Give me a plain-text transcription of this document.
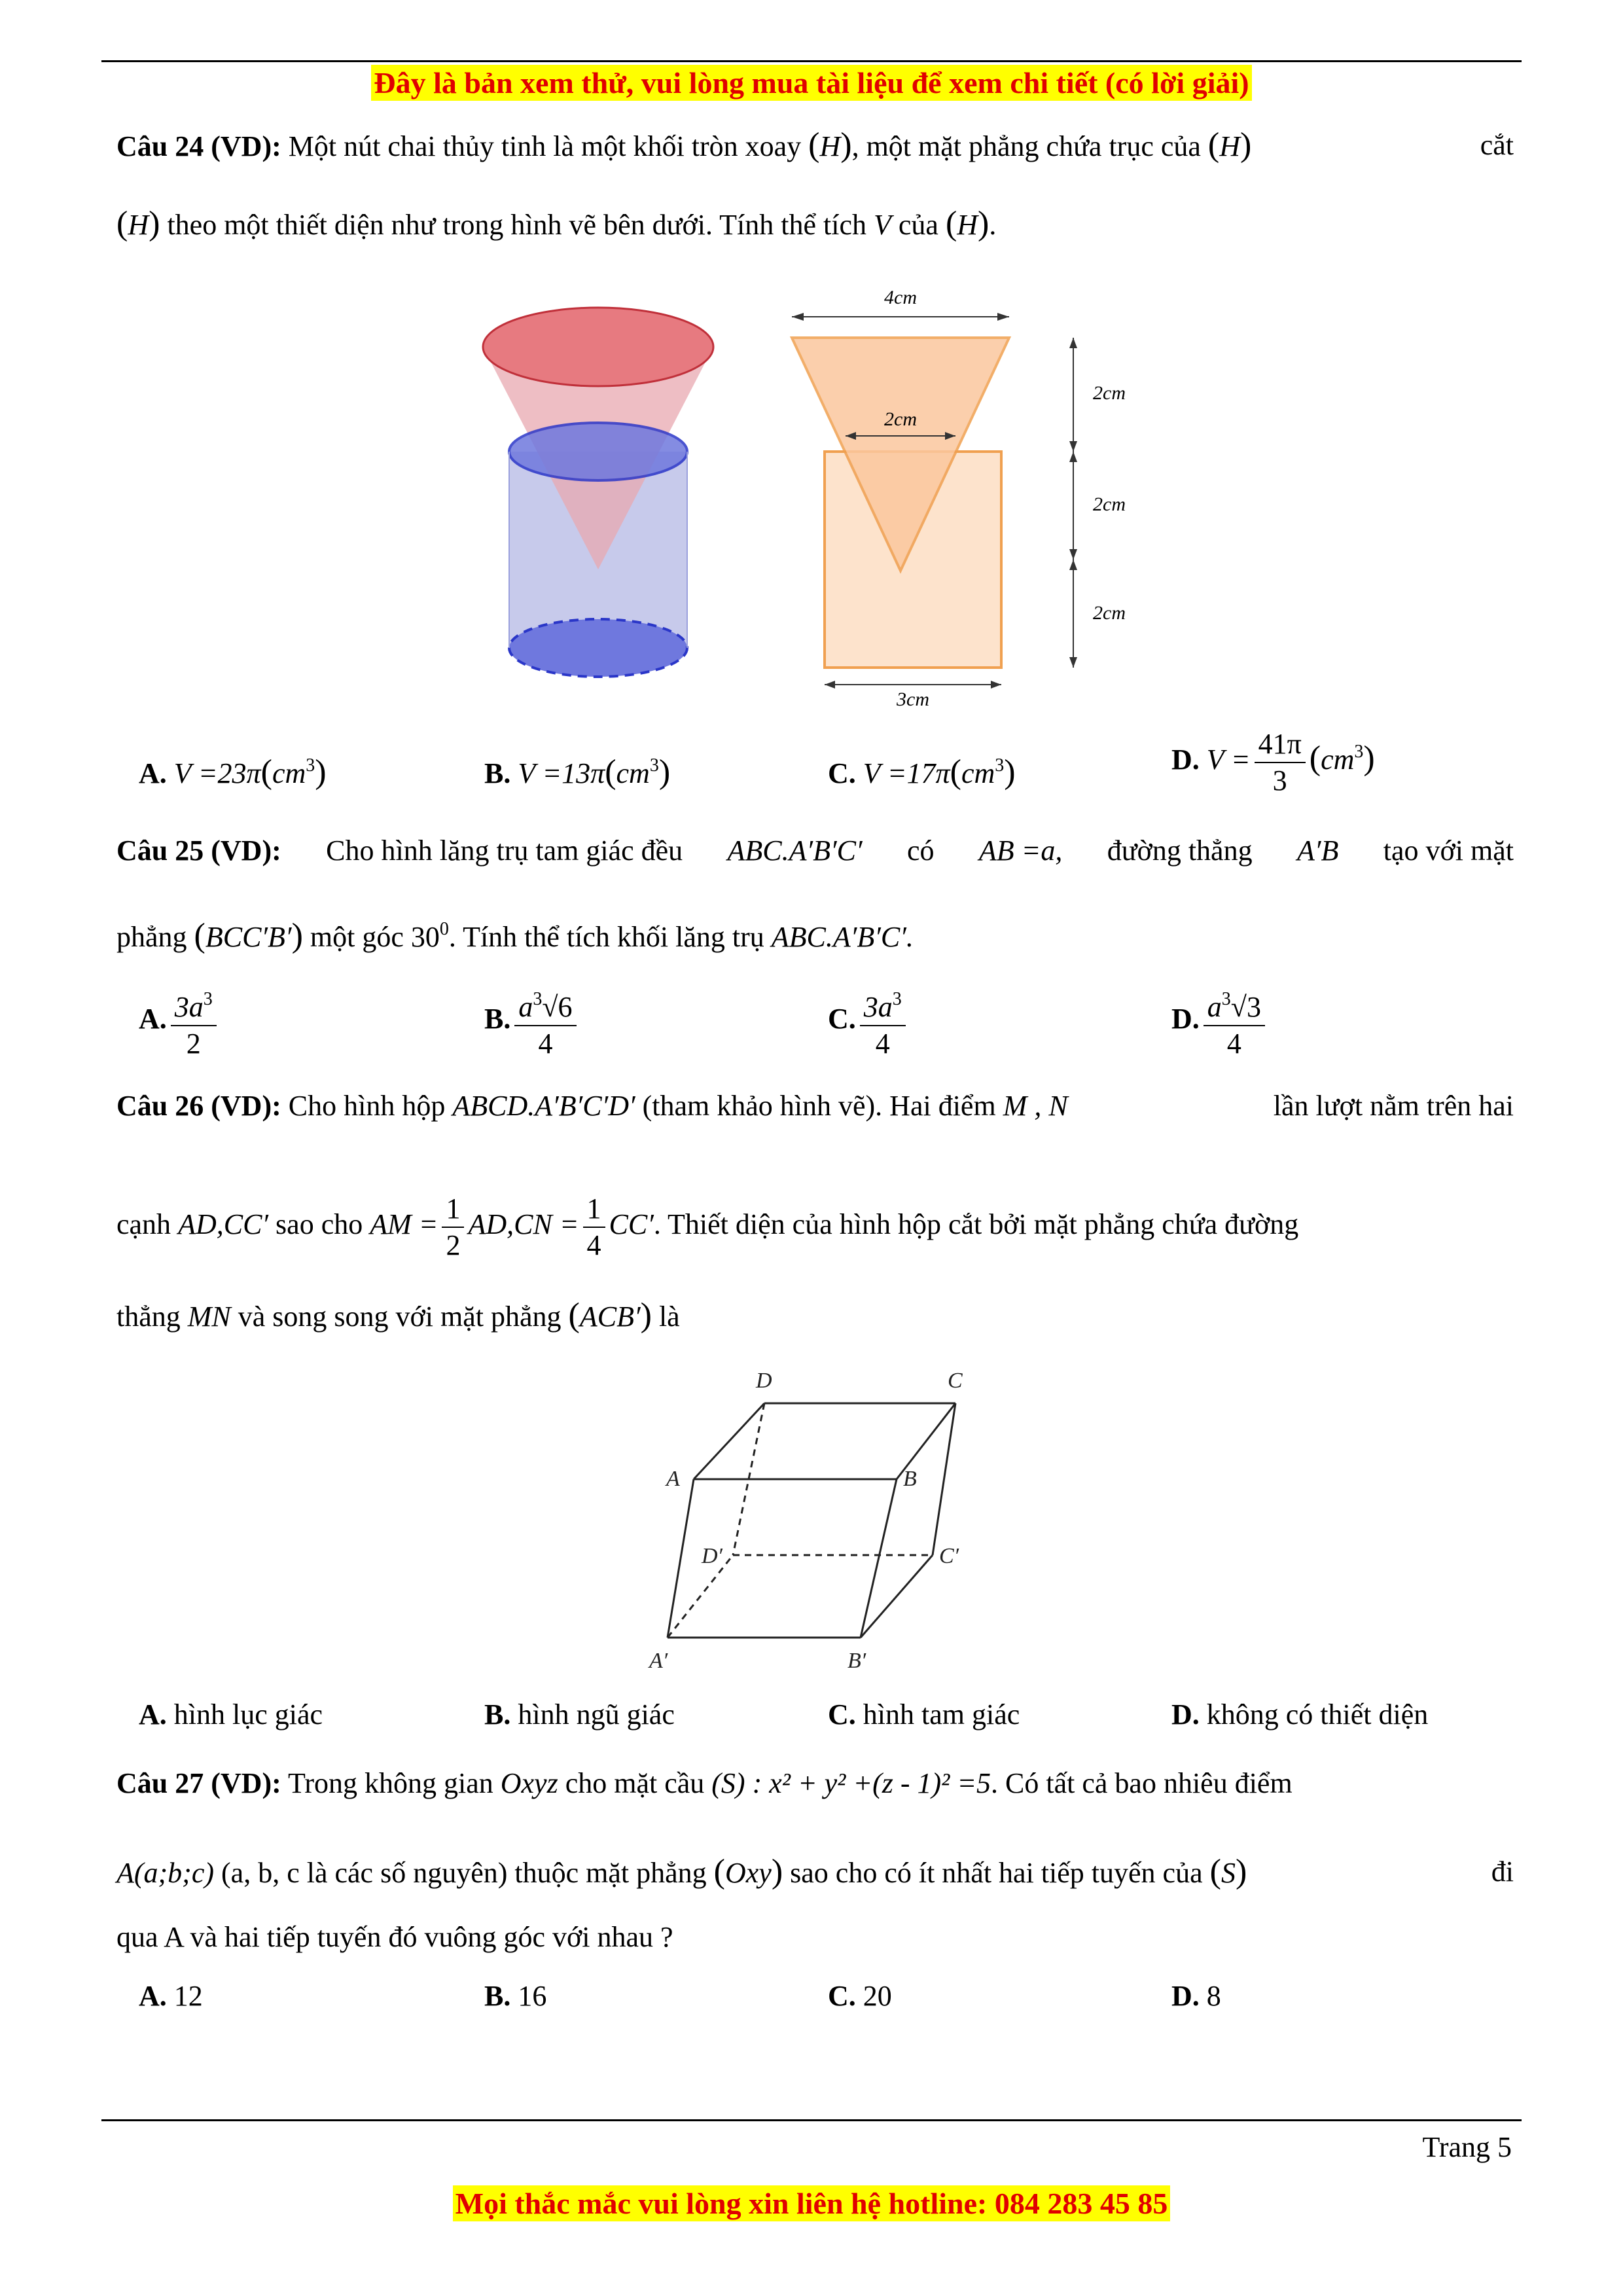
Đây là bản xem thử, vui lòng mua tài liệu để xem chi tiết (có lời giải)
Câu 24 (VD): Một nút chai thủy tinh là một khối tròn xoay (H), một mặt phẳng chứa trục của (H)	cắt
(H) theo một thiết diện như trong hình vẽ bên dưới. Tính thể tích V của (H).
4cm
2cm
3cm
2cm
2cm
2cm
A. $V =23\pi(cm^3)$	B. $V =13\pi(cm^3)$	C. $V =17\pi(cm^3)$	D. $V = \frac{41\pi}{3} (cm^3)$
Câu 25 (VD): Cho hình lăng trụ tam giác đều ABC.A′B′C′ có AB =a, đường thẳng A′B tạo với mặt
phẳng (BCC′B′) một góc $30^0$. Tính thể tích khối lăng trụ ABC.A′B′C′.
A. $\frac{3a^3}{2}$	B. $\frac{a^3√6}{4}$	C. $\frac{3a^3}{4}$	D. $\frac{a^3√3}{4}$
Câu 26 (VD): Cho hình hộp ABCD.A′B′C′D′ (tham khảo hình vẽ). Hai điểm M , N	lần lượt nằm trên hai
cạnh AD,CC′ sao cho AM = $\frac{1}{2} AD,CN = \frac{1}{4} CC'$. Thiết diện của hình hộp cắt bởi mặt phẳng chứa đường
thẳng MN và song song với mặt phẳng (ACB′) là
D	C
A	B
D′	C′
A′	B′
A. hình lục giác	B. hình ngũ giác	C. hình tam giác	D. không có thiết diện
Câu 27 (VD): Trong không gian Oxyz cho mặt cầu (S) : x² + y² +(z - 1)² =5. Có tất cả bao nhiêu điểm
A(a;b;c) (a, b, c là các số nguyên) thuộc mặt phẳng (Oxy) sao cho có ít nhất hai tiếp tuyến của (S)	đi
qua A và hai tiếp tuyến đó vuông góc với nhau ?
A. 12	B. 16	C. 20	D. 8
Trang 5
Mọi thắc mắc vui lòng xin liên hệ hotline: 084 283 45 85
